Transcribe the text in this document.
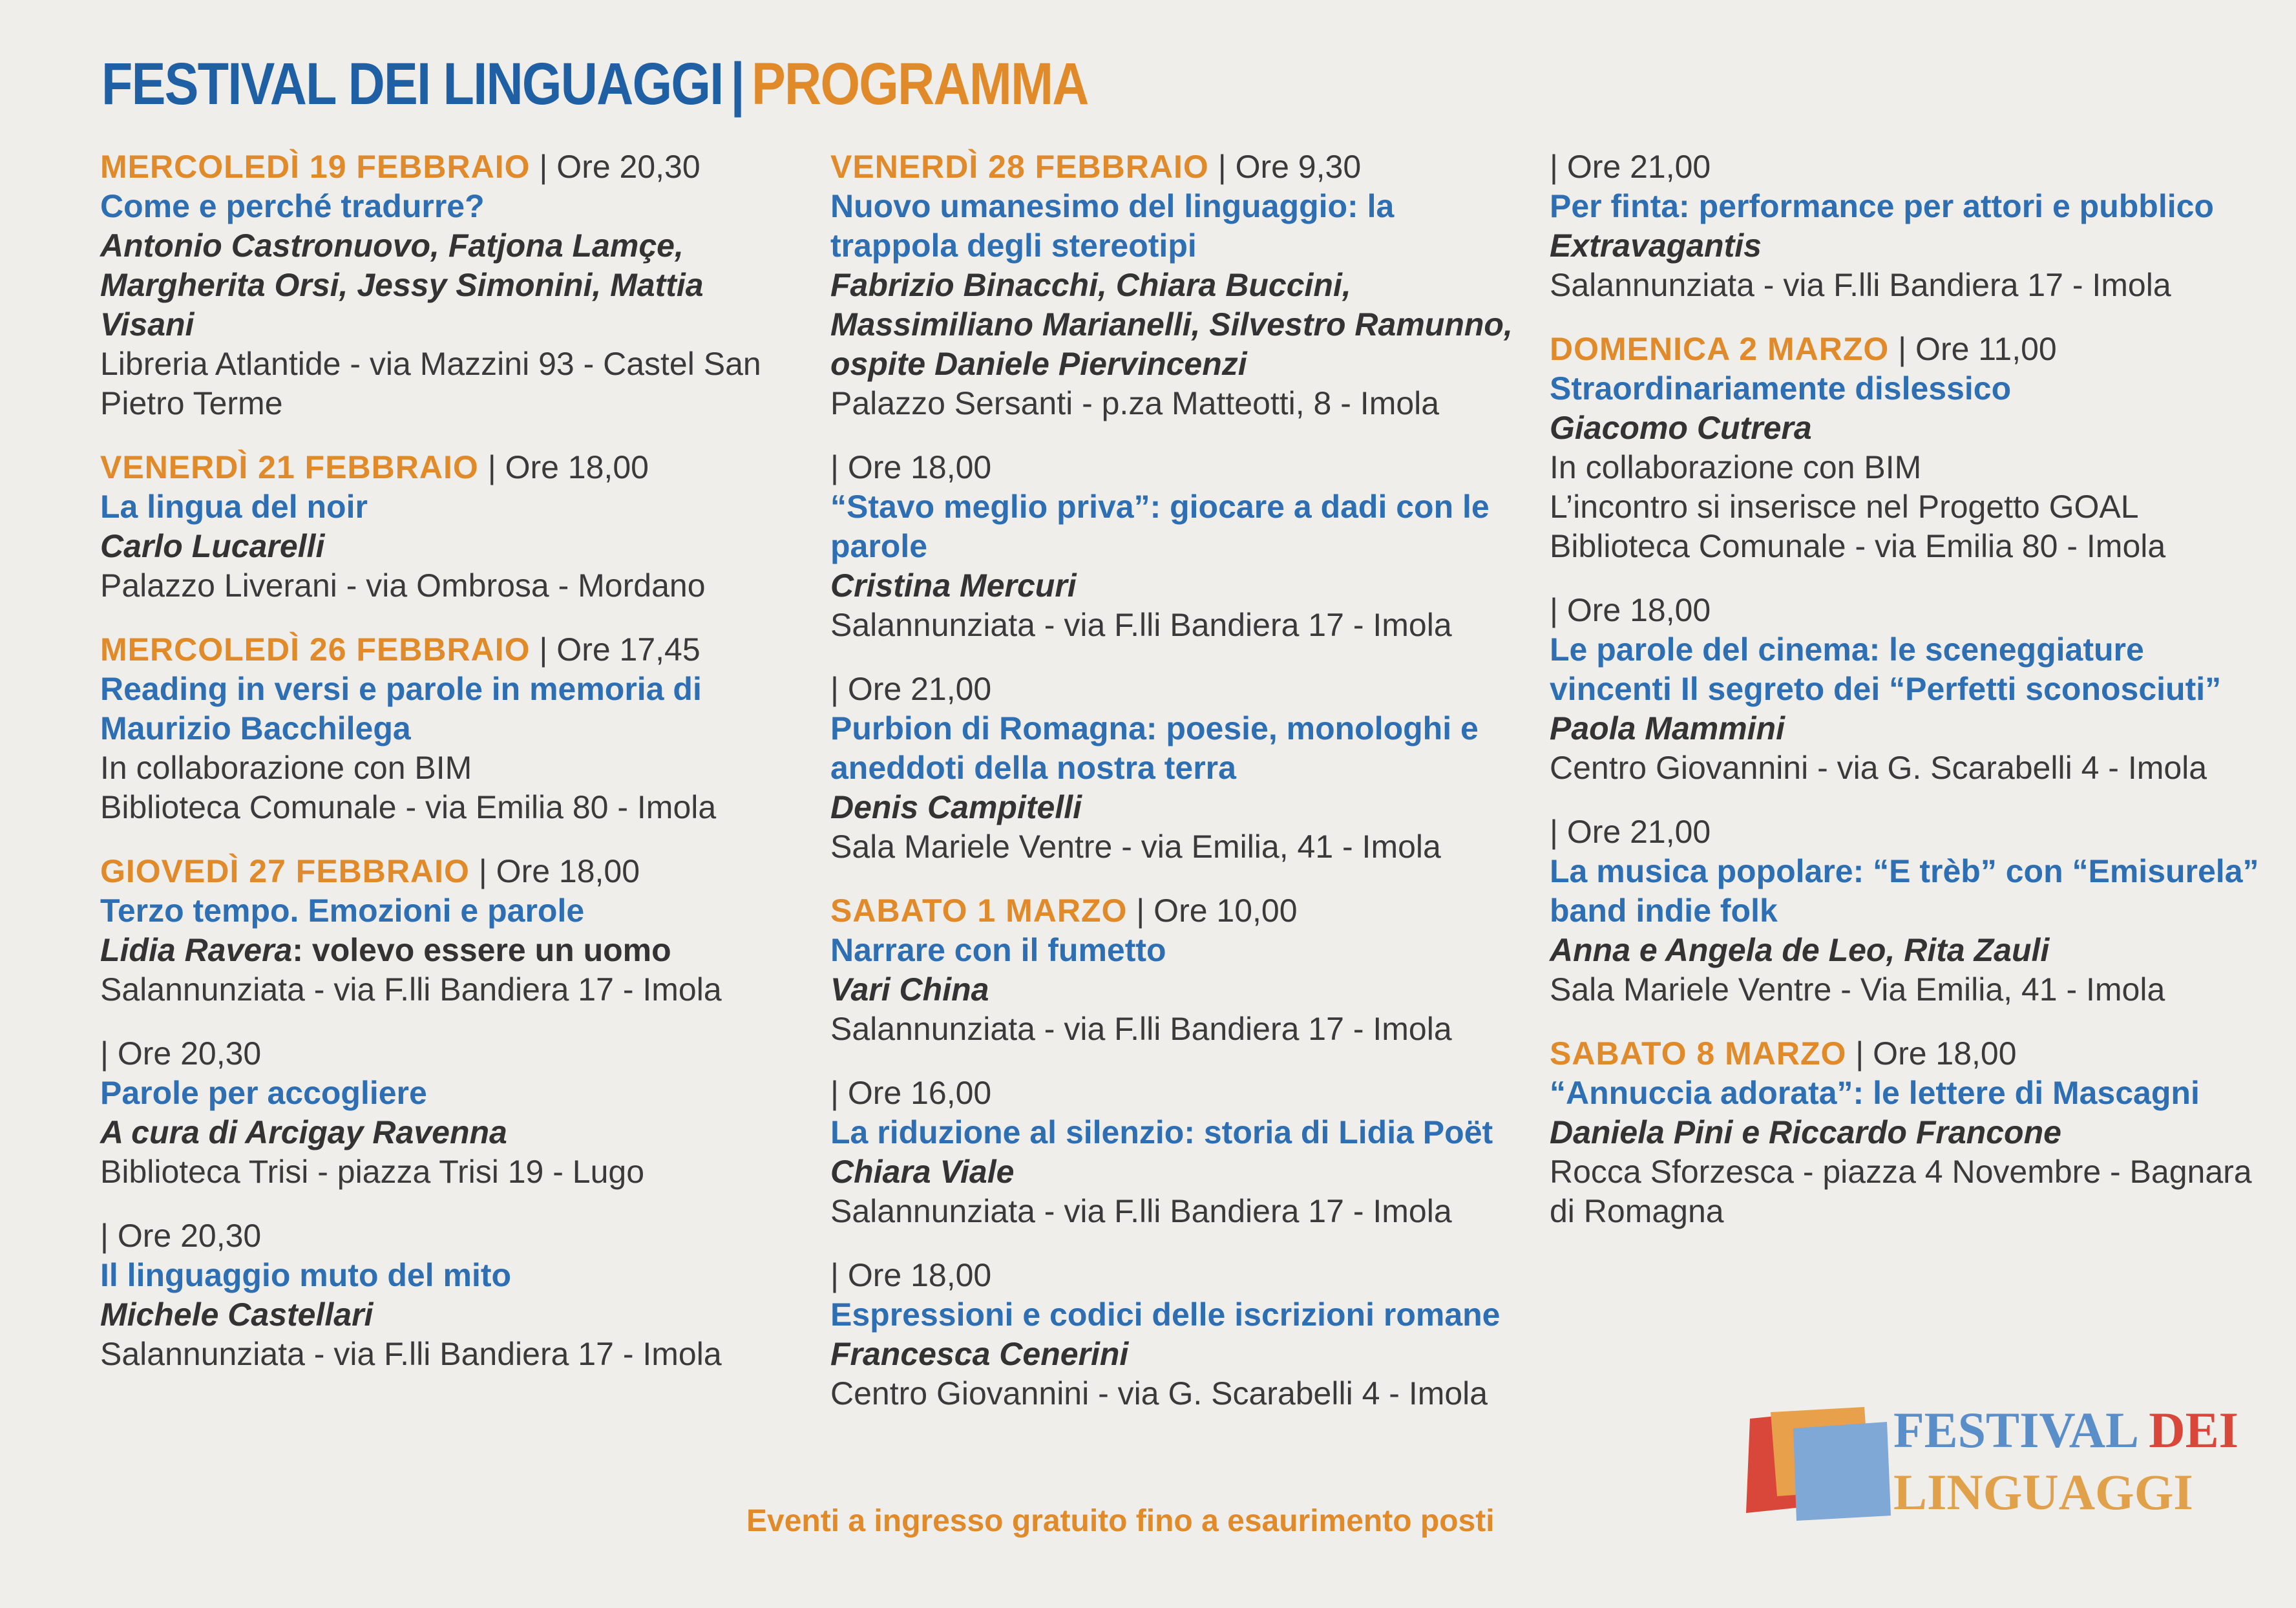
FESTIVAL DEI LINGUAGGI | PROGRAMMA
MERCOLEDÌ 19 FEBBRAIO | Ore 20,30
Come e perché tradurre?
Antonio Castronuovo, Fatjona Lamçe, Margherita Orsi, Jessy Simonini, Mattia Visani
Libreria Atlantide - via Mazzini 93 - Castel San Pietro Terme
VENERDÌ 21 FEBBRAIO | Ore 18,00
La lingua del noir
Carlo Lucarelli
Palazzo Liverani - via Ombrosa - Mordano
MERCOLEDÌ 26 FEBBRAIO | Ore 17,45
Reading in versi e parole in memoria di Maurizio Bacchilega
In collaborazione con BIM
Biblioteca Comunale - via Emilia 80 - Imola
GIOVEDÌ 27 FEBBRAIO | Ore 18,00
Terzo tempo. Emozioni e parole
Lidia Ravera: volevo essere un uomo
Salannunziata - via F.lli Bandiera 17 - Imola
| Ore 20,30
Parole per accogliere
A cura di Arcigay Ravenna
Biblioteca Trisi - piazza Trisi 19 - Lugo
| Ore 20,30
Il linguaggio muto del mito
Michele Castellari
Salannunziata - via F.lli Bandiera 17 - Imola
VENERDÌ 28 FEBBRAIO | Ore 9,30
Nuovo umanesimo del linguaggio: la trappola degli stereotipi
Fabrizio Binacchi, Chiara Buccini, Massimiliano Marianelli, Silvestro Ramunno, ospite Daniele Piervincenzi
Palazzo Sersanti - p.za Matteotti, 8 - Imola
| Ore 18,00
“Stavo meglio priva”: giocare a dadi con le parole
Cristina Mercuri
Salannunziata - via F.lli Bandiera 17 - Imola
| Ore 21,00
Purbion di Romagna: poesie, monologhi e aneddoti della nostra terra
Denis Campitelli
Sala Mariele Ventre - via Emilia, 41 - Imola
SABATO 1 MARZO | Ore 10,00
Narrare con il fumetto
Vari China
Salannunziata - via F.lli Bandiera 17 - Imola
| Ore 16,00
La riduzione al silenzio: storia di Lidia Poët
Chiara Viale
Salannunziata - via F.lli Bandiera 17 - Imola
| Ore 18,00
Espressioni e codici delle iscrizioni romane
Francesca Cenerini
Centro Giovannini - via G. Scarabelli 4 - Imola
| Ore 21,00
Per finta: performance per attori e pubblico
Extravagantis
Salannunziata - via F.lli Bandiera 17 - Imola
DOMENICA 2 MARZO | Ore 11,00
Straordinariamente dislessico
Giacomo Cutrera
In collaborazione con BIM
L’incontro si inserisce nel Progetto GOAL
Biblioteca Comunale - via Emilia 80 - Imola
| Ore 18,00
Le parole del cinema: le sceneggiature vincenti Il segreto dei “Perfetti sconosciuti”
Paola Mammini
Centro Giovannini - via G. Scarabelli 4 - Imola
| Ore 21,00
La musica popolare: “E trèb” con “Emisurela” band indie folk
Anna e Angela de Leo, Rita Zauli
Sala Mariele Ventre - Via Emilia, 41 - Imola
SABATO 8 MARZO | Ore 18,00
“Annuccia adorata”: le lettere di Mascagni
Daniela Pini e Riccardo Francone
Rocca Sforzesca - piazza 4 Novembre - Bagnara di Romagna
Eventi a ingresso gratuito fino a esaurimento posti
FESTIVAL DEI
LINGUAGGI
